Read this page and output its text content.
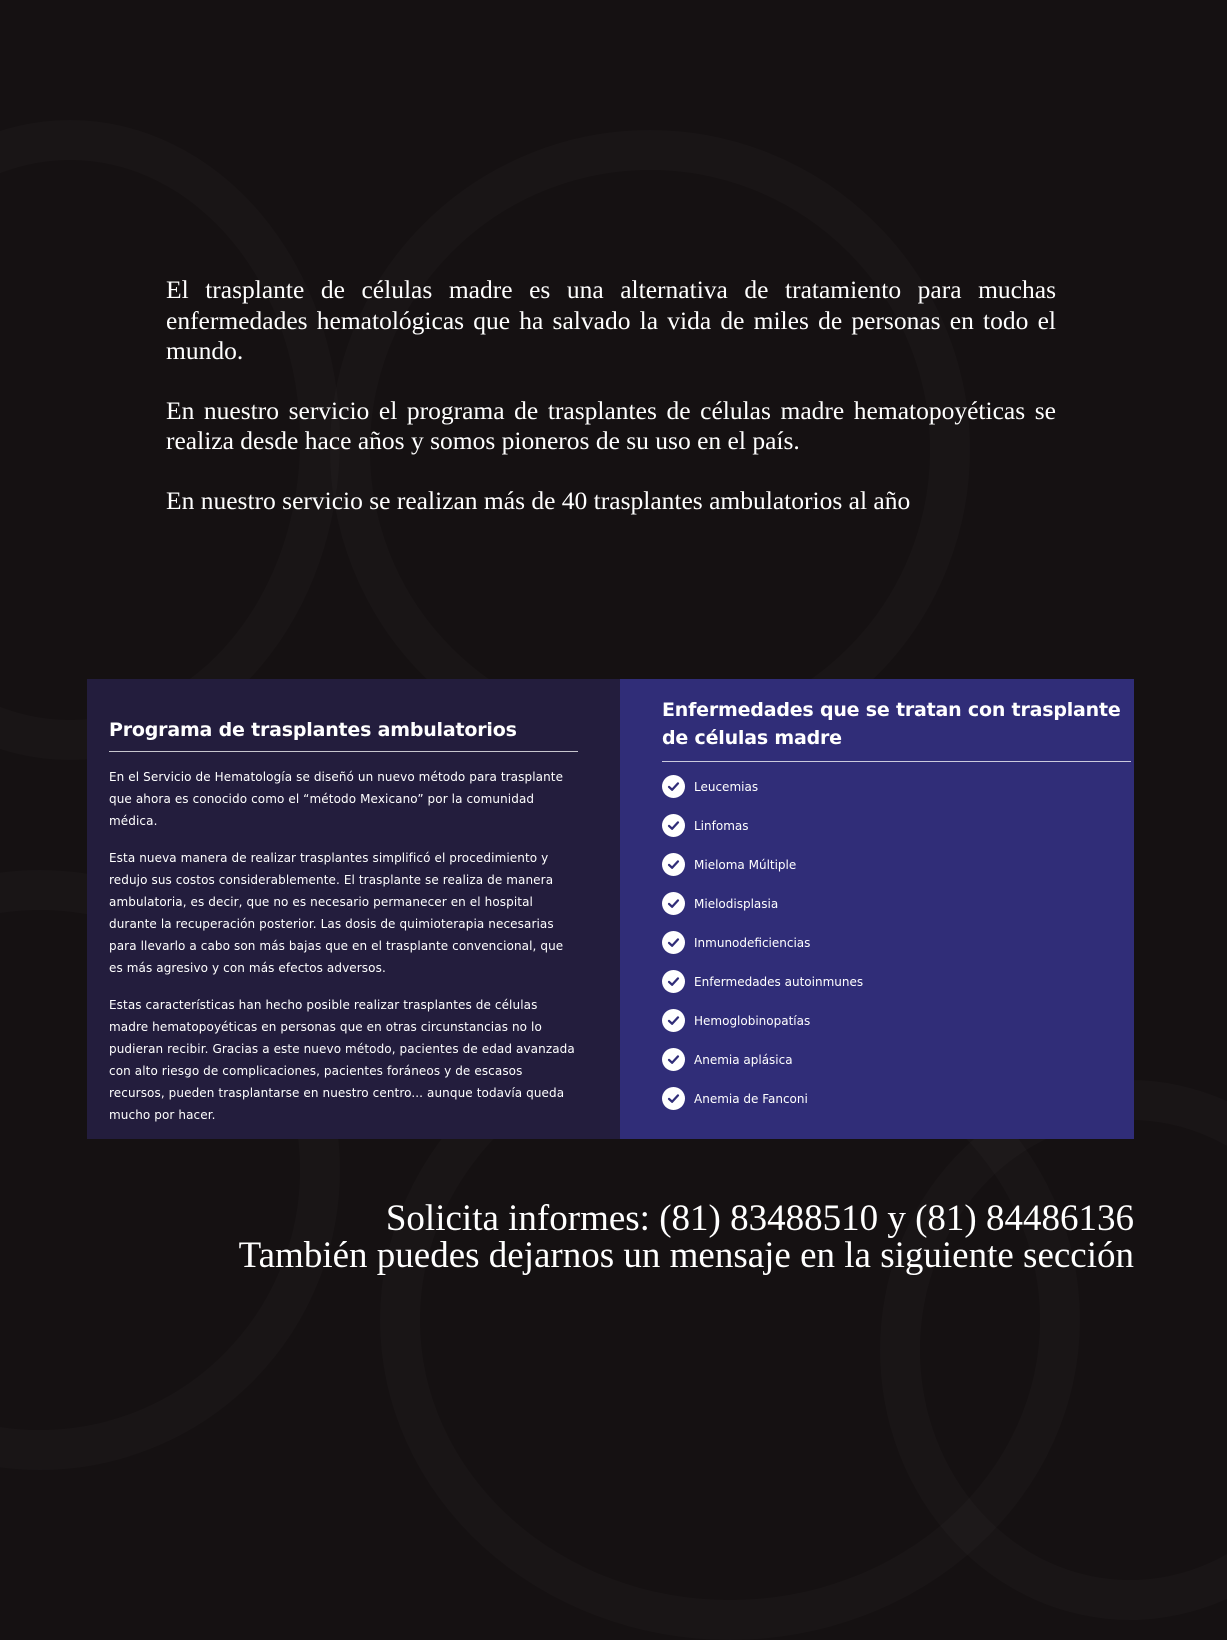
El trasplante de células madre es una alternativa de tratamiento para muchas enfermedades hematológicas que ha salvado la vida de miles de personas en todo el mundo.

En nuestro servicio el programa de trasplantes de células madre hematopoyéticas se realiza desde hace años y somos pioneros de su uso en el país.

En nuestro servicio se realizan más de 40 trasplantes ambulatorios al año

Programa de trasplantes ambulatorios

En el Servicio de Hematología se diseñó un nuevo método para trasplante que ahora es conocido como el “método Mexicano” por la comunidad médica.

Esta nueva manera de realizar trasplantes simplificó el procedimiento y redujo sus costos considerablemente. El trasplante se realiza de manera ambulatoria, es decir, que no es necesario permanecer en el hospital durante la recuperación posterior. Las dosis de quimioterapia necesarias para llevarlo a cabo son más bajas que en el trasplante convencional, que es más agresivo y con más efectos adversos.

Estas características han hecho posible realizar trasplantes de células madre hematopoyéticas en personas que en otras circunstancias no lo pudieran recibir. Gracias a este nuevo método, pacientes de edad avanzada con alto riesgo de complicaciones, pacientes foráneos y de escasos recursos, pueden trasplantarse en nuestro centro... aunque todavía queda mucho por hacer.

Enfermedades que se tratan con trasplante de células madre
Leucemias
Linfomas
Mieloma Múltiple
Mielodisplasia
Inmunodeficiencias
Enfermedades autoinmunes
Hemoglobinopatías
Anemia aplásica
Anemia de Fanconi
Solicita informes: (81) 83488510 y (81) 84486136
También puedes dejarnos un mensaje en la siguiente sección
